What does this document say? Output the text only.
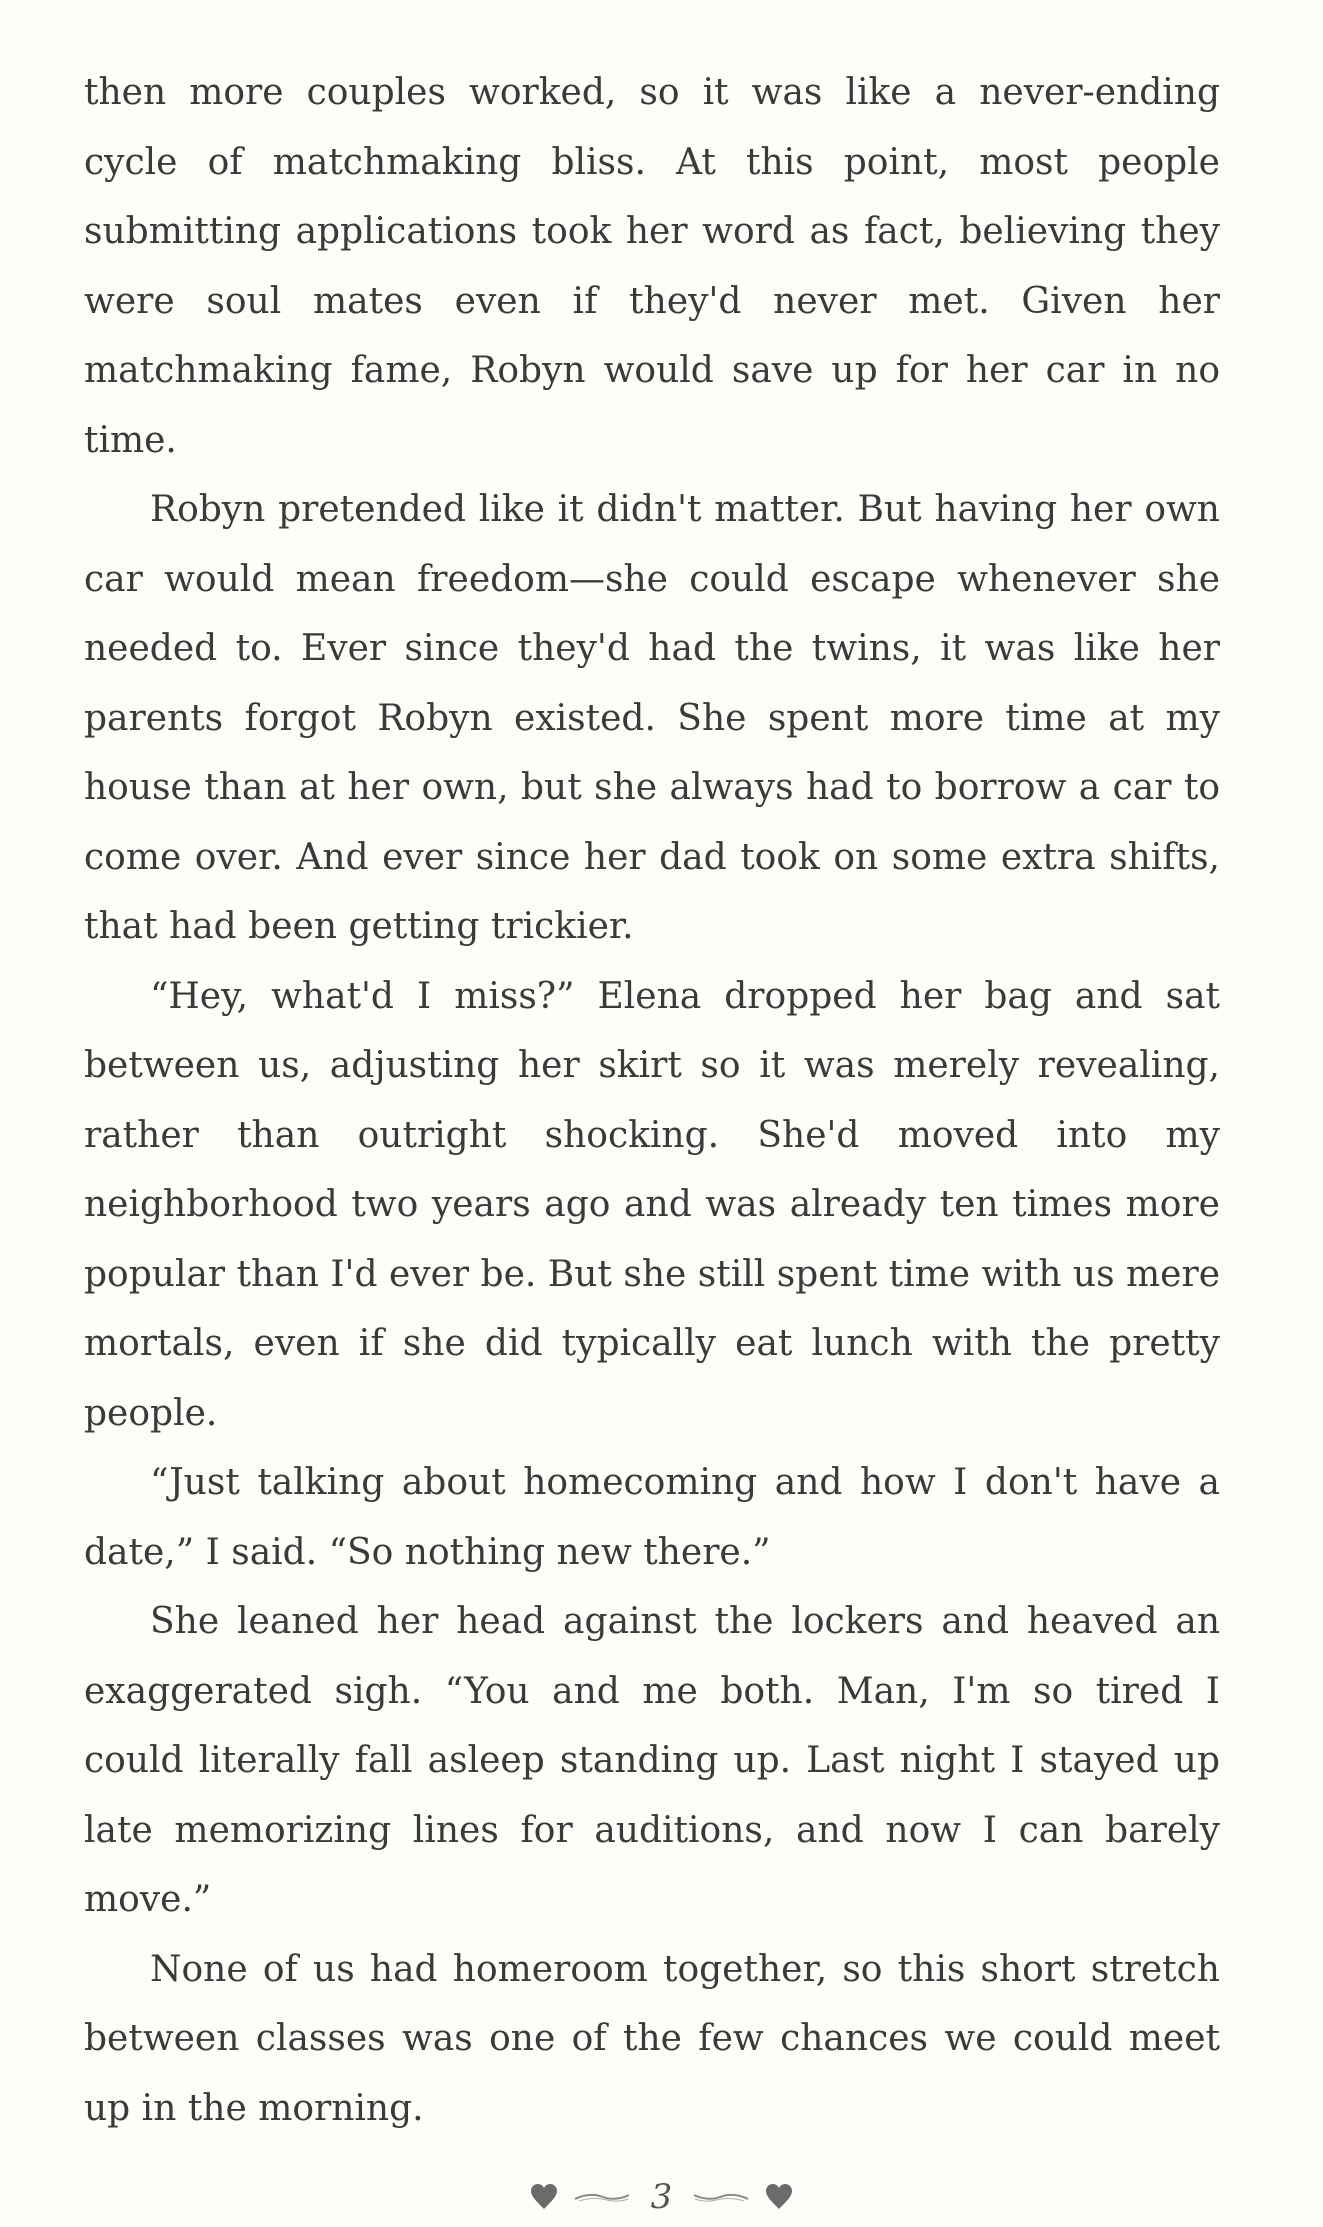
then more couples worked, so it was like a never-ending cycle of matchmaking bliss. At this point, most people submitting applications took her word as fact, believing they were soul mates even if they'd never met. Given her matchmaking fame, Robyn would save up for her car in no time.

Robyn pretended like it didn't matter. But having her own car would mean freedom—she could escape whenever she needed to. Ever since they'd had the twins, it was like her parents forgot Robyn existed. She spent more time at my house than at her own, but she always had to borrow a car to come over. And ever since her dad took on some extra shifts, that had been getting trickier.

“Hey, what'd I miss?” Elena dropped her bag and sat between us, adjusting her skirt so it was merely revealing, rather than outright shocking. She'd moved into my neighborhood two years ago and was already ten times more popular than I'd ever be. But she still spent time with us mere mortals, even if she did typically eat lunch with the pretty people.

“Just talking about homecoming and how I don't have a date,” I said. “So nothing new there.”

She leaned her head against the lockers and heaved an exaggerated sigh. “You and me both. Man, I'm so tired I could literally fall asleep standing up. Last night I stayed up late memorizing lines for auditions, and now I can barely move.”

None of us had homeroom together, so this short stretch between classes was one of the few chances we could meet up in the morning.

3
